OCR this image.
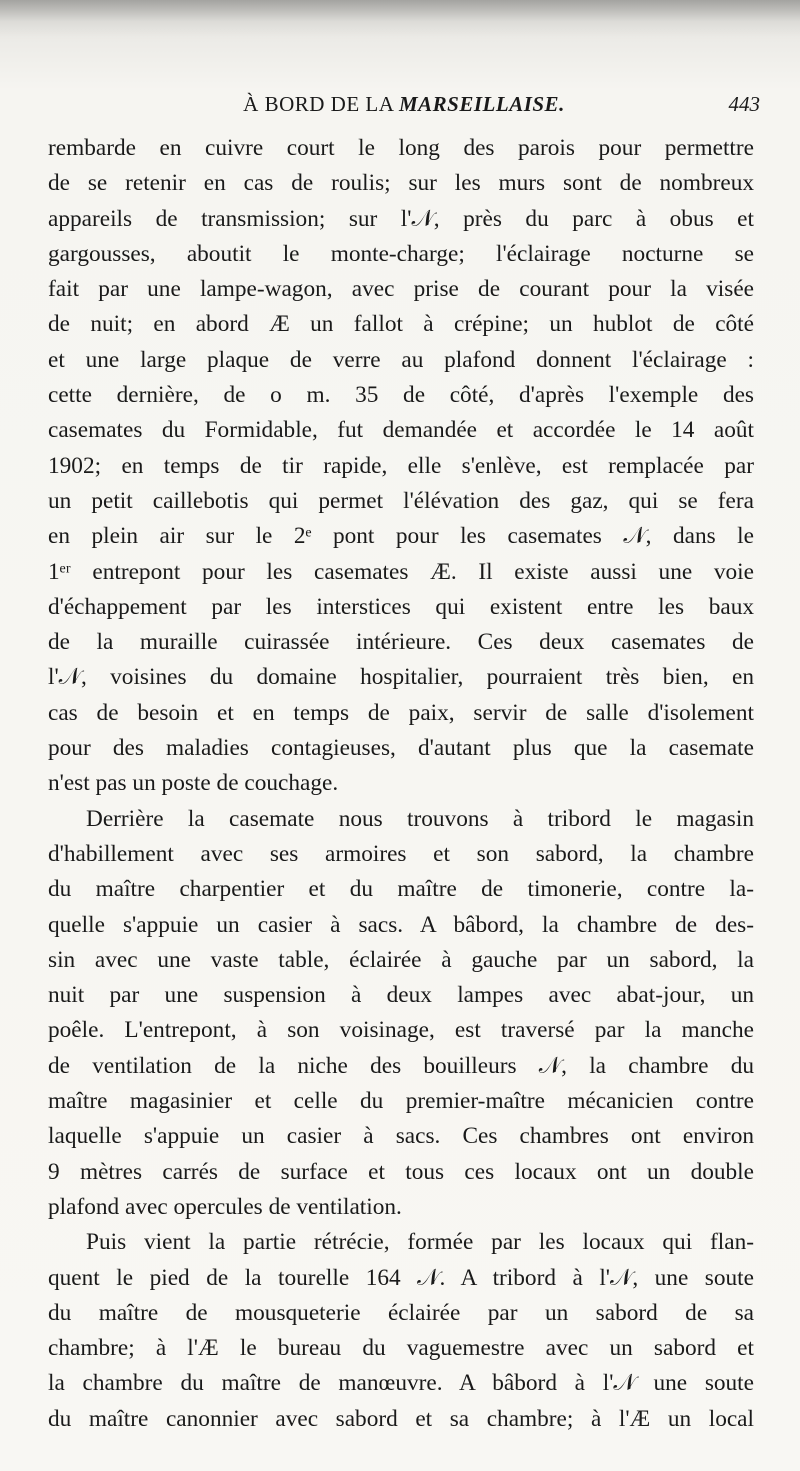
À BORD DE LA MARSEILLAISE.	443

rembarde en cuivre court le long des parois pour permettre

de se retenir en cas de roulis; sur les murs sont de nombreux

appareils de transmission; sur l'𝒩, près du parc à obus et

gargousses, aboutit le monte-charge; l'éclairage nocturne se

fait par une lampe-wagon, avec prise de courant pour la visée

de nuit; en abord Æ un fallot à crépine; un hublot de côté

et une large plaque de verre au plafond donnent l'éclairage :

cette dernière, de o m. 35 de côté, d'après l'exemple des

casemates du Formidable, fut demandée et accordée le 14 août

1902; en temps de tir rapide, elle s'enlève, est remplacée par

un petit caillebotis qui permet l'élévation des gaz, qui se fera

en plein air sur le 2ᵉ pont pour les casemates 𝒩, dans le

1ᵉʳ entrepont pour les casemates Æ. Il existe aussi une voie

d'échappement par les interstices qui existent entre les baux

de la muraille cuirassée intérieure. Ces deux casemates de

l'𝒩, voisines du domaine hospitalier, pourraient très bien, en

cas de besoin et en temps de paix, servir de salle d'isolement

pour des maladies contagieuses, d'autant plus que la casemate

n'est pas un poste de couchage.

Derrière la casemate nous trouvons à tribord le magasin

d'habillement avec ses armoires et son sabord, la chambre

du maître charpentier et du maître de timonerie, contre la-

quelle s'appuie un casier à sacs. A bâbord, la chambre de des-

sin avec une vaste table, éclairée à gauche par un sabord, la

nuit par une suspension à deux lampes avec abat-jour, un

poêle. L'entrepont, à son voisinage, est traversé par la manche

de ventilation de la niche des bouilleurs 𝒩, la chambre du

maître magasinier et celle du premier-maître mécanicien contre

laquelle s'appuie un casier à sacs. Ces chambres ont environ

9 mètres carrés de surface et tous ces locaux ont un double

plafond avec opercules de ventilation.

Puis vient la partie rétrécie, formée par les locaux qui flan-

quent le pied de la tourelle 164 𝒩. A tribord à l'𝒩, une soute

du maître de mousqueterie éclairée par un sabord de sa

chambre; à l'Æ le bureau du vaguemestre avec un sabord et

la chambre du maître de manœuvre. A bâbord à l'𝒩 une soute

du maître canonnier avec sabord et sa chambre; à l'Æ un local
